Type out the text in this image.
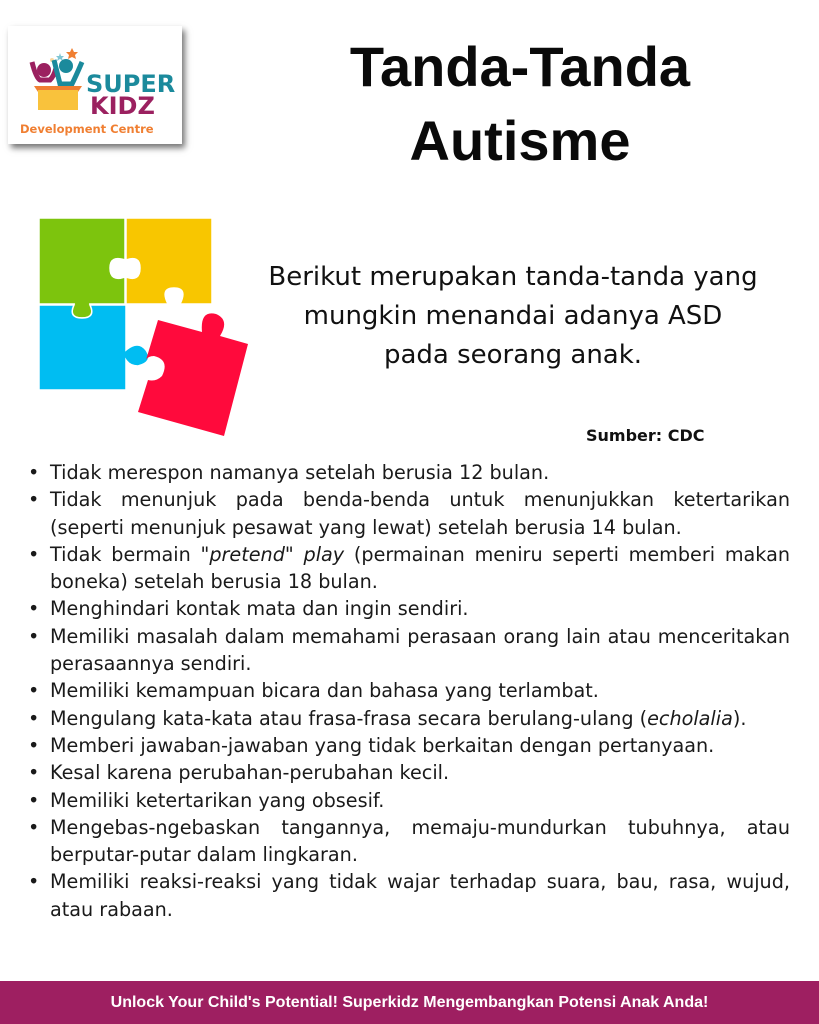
SUPER
KIDZ
Development Centre
Tanda-Tanda Autisme
Berikut merupakan tanda-tanda yang mungkin menandai adanya ASD pada seorang anak.
Sumber: CDC
• Tidak merespon namanya setelah berusia 12 bulan.
• Tidak menunjuk pada benda-benda untuk menunjukkan ketertarikan (seperti menunjuk pesawat yang lewat) setelah berusia 14 bulan.
• Tidak bermain "pretend" play (permainan meniru seperti memberi makan boneka) setelah berusia 18 bulan.
• Menghindari kontak mata dan ingin sendiri.
• Memiliki masalah dalam memahami perasaan orang lain atau menceritakan perasaannya sendiri.
• Memiliki kemampuan bicara dan bahasa yang terlambat.
• Mengulang kata-kata atau frasa-frasa secara berulang-ulang (echolalia).
• Memberi jawaban-jawaban yang tidak berkaitan dengan pertanyaan.
• Kesal karena perubahan-perubahan kecil.
• Memiliki ketertarikan yang obsesif.
• Mengebas-ngebaskan tangannya, memaju-mundurkan tubuhnya, atau berputar-putar dalam lingkaran.
• Memiliki reaksi-reaksi yang tidak wajar terhadap suara, bau, rasa, wujud, atau rabaan.
Unlock Your Child's Potential! Superkidz Mengembangkan Potensi Anak Anda!
